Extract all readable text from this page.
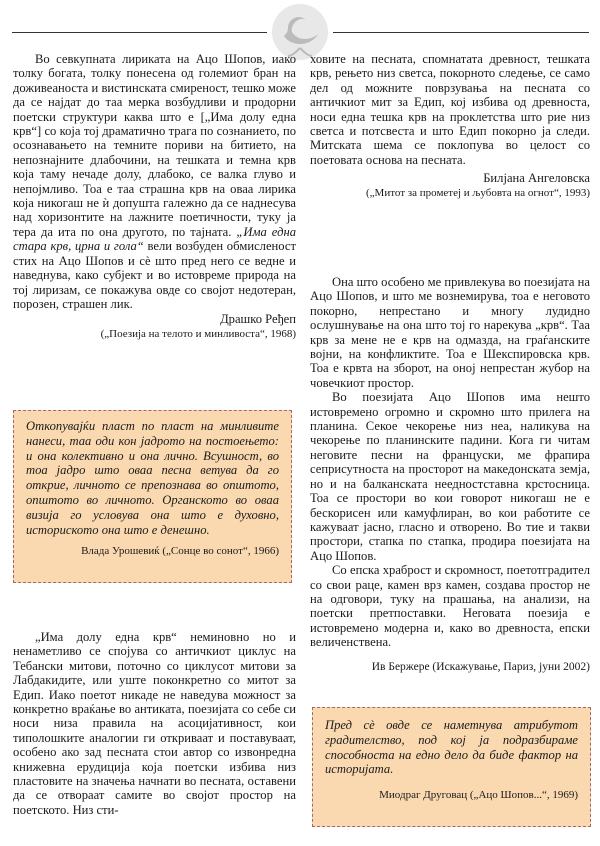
Во севкупната лириката на Ацо Шопов, иако толку богата, толку понесена од големиот бран на доживеаноста и вистинската смиреност, тешко може да се најдат до таа мерка возбудливи и продорни поетски структури каква што е [„Има долу една крв“] со која тој драматично трага по сознанието, по осознавањето на темните пориви на битието, на непознајните длабочини, на тешката и темна крв која таму нечаде долу, длабоко, се валка глуво и непојмливо. Тоа е таа страшна крв на оваа лирика која никогаш не ѝ допушта галежно да се наднесува над хоризонтите на лажните поетичности, туку ја тера да ита по она другото, по тајната. „Има една стара крв, црна и гола“ вели возбуден обмисленост стих на Ацо Шопов и сè што пред него се ведне и наведнува, како субјект и во истовреме природа на тој лиризам, се покажува овде со својот недотеран, порозен, страшен лик.

Драшко Ређеп
(„Поезија на телото и минливоста“, 1968)

Откопувајќи пласт по пласт на минливите нанеси, таа оди кон јадрото на постоењето: и она колективно и она лично. Всушност, во тоа јадро што оваа песна ветува да го открие, личното се препознава во општото, општото во личното. Органското во оваа визија го условува она што е духовно, историското она што е денешно.

Влада Урошевиќ („Сонце во сонот“, 1966)

„Има долу една крв“ неминовно но и ненаметливо се спојува со античкиот циклус на Тебански митови, поточно со циклусот митови за Лабдакидите, или уште поконкретно со митот за Едип. Иако поетот никаде не наведува можност за конкретно враќање во антиката, поезијата со себе си носи низа правила на асоцијативност, кои типолошките аналогии ги откриваат и поставуваат, особено ако зад песната стои автор со извонредна книжевна ерудиција која поетски избива низ пластовите на значења начнати во песната, оставени да се отвораат самите во својот простор на поетското. Низ сти-

ховите на песната, спомнатата древност, тешката крв, рењето низ светса, покорното следење, се само дел од можните поврзувања на песната со античкиот мит за Едип, кој избива од древноста, носи една тешка крв на проклетства што рие низ светса и потсвеста и што Едип покорно ја следи. Митската шема се поклопува во целост со поетовата основа на песната.

Билјана Ангеловска
(„Митот за прометеј и љубовта на огнот“, 1993)

Она што особено ме привлекува во поезијата на Ацо Шопов, и што ме вознемирува, тоа е неговото покорно, непрестано и многу лудидно ослушнување на она што тој го нарекува „крв“. Таа крв за мене не е крв на одмазда, на граѓанските војни, на конфликтите. Тоа е Шекспировска крв. Тоа е крвта на зборот, на оној непрестан жубор на човечкиот простор.

Во поезијата Ацо Шопов има нешто истовремено огромно и скромно што прилега на планина. Секое чекорење низ неа, наликува на чекорење по планинските падини. Кога ги читам неговите песни на француски, ме фрапира сеприсутноста на просторот на македонската земја, но и на балканската неедностставна крстосница. Тоа се простори во кои говорот никогаш не е бескорисен или камуфлиран, во кои работите се кажуваат јасно, гласно и отворено. Во тие и такви простори, стапка по стапка, продира поезијата на Ацо Шопов.

Со епска храброст и скромност, поетотградител со свои раце, камен врз камен, создава простор не на одговори, туку на прашања, на анализи, на поетски претпоставки. Неговата поезија е истовремено модерна и, како во древноста, епски величенствена.

Ив Бержере (Искажување, Париз, јуни 2002)

Пред сè овде се наметнува атрибутот градителство, под кој ја подразбираме способноста на едно дело да биде фактор на историјата.

Миодраг Друговац („Ацо Шопов...“, 1969)
